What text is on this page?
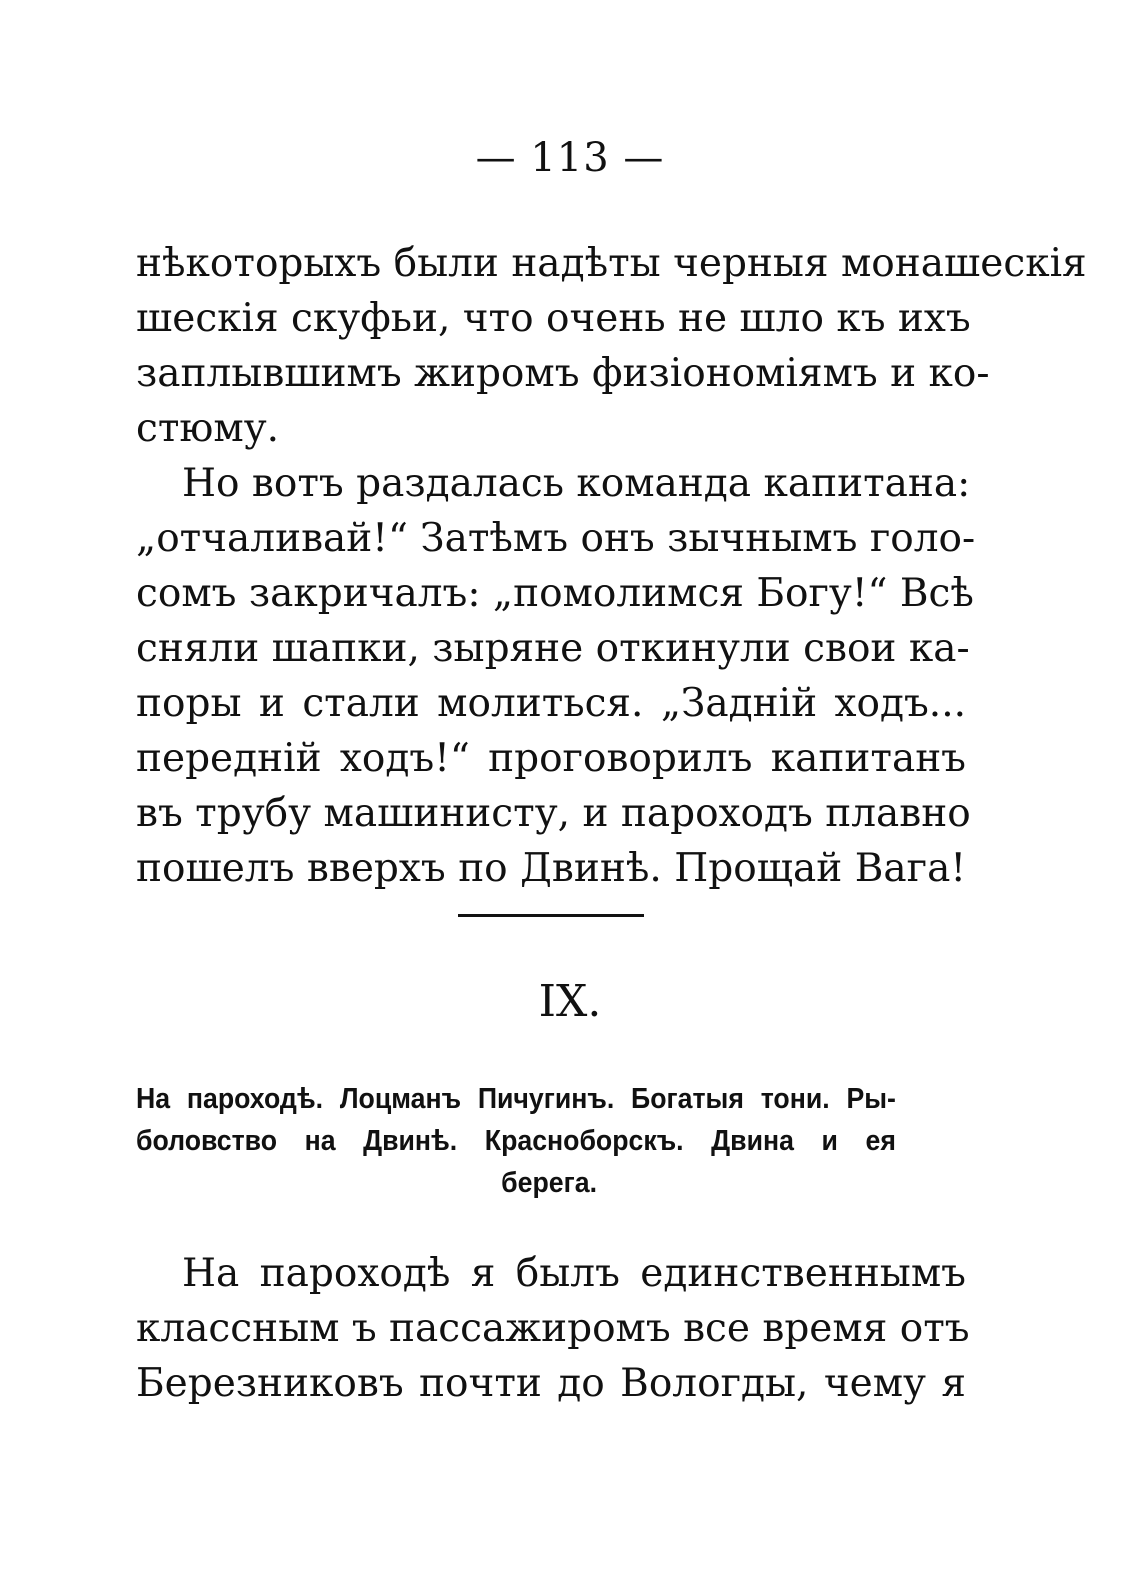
— 113 —
нѣкоторыхъ были надѣты черныя монашескія
шескія скуфьи, что очень не шло къ ихъ
заплывшимъ жиромъ физіономіямъ и ко-
стюму.
Но вотъ раздалась команда капитана:
„отчаливай!“ Затѣмъ онъ зычнымъ голо-
сомъ закричалъ: „помолимся Богу!“ Всѣ
сняли шапки, зыряне откинули свои ка-
поры и стали молиться. „Заднiй ходъ...
переднiй ходъ!“ проговорилъ капитанъ
въ трубу машинисту, и пароходъ плавно
пошелъ вверхъ по Двинѣ. Прощай Вага!
IX.
На пароходѣ. Лоцманъ Пичугинъ. Богатыя тони. Ры-
боловство на Двинѣ. Красноборскъ. Двина и ея
берега.
На пароходѣ я былъ единственнымъ
классным ъ пассажиромъ все время отъ
Березниковъ почти до Вологды, чему я
